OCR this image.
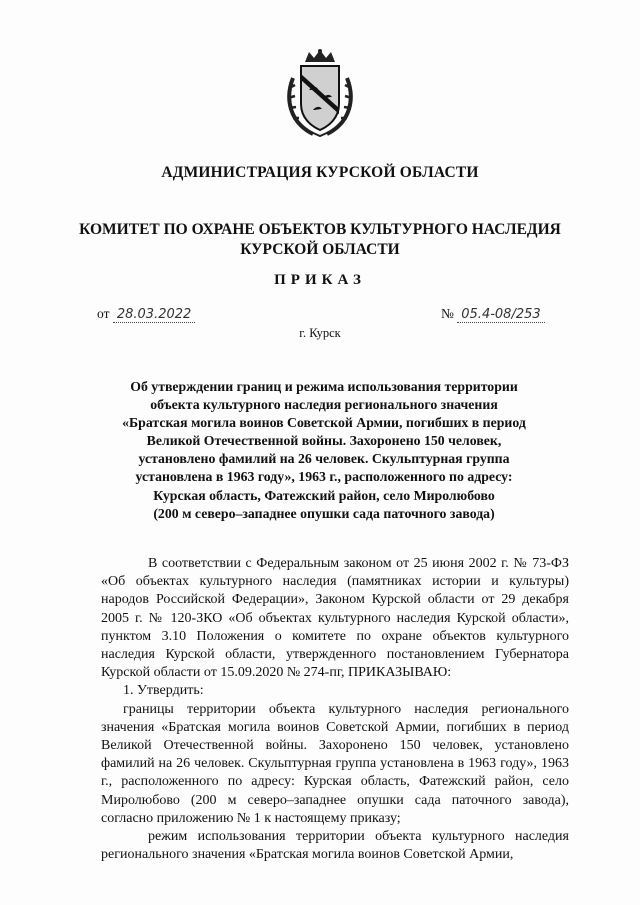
АДМИНИСТРАЦИЯ КУРСКОЙ ОБЛАСТИ
КОМИТЕТ ПО ОХРАНЕ ОБЪЕКТОВ КУЛЬТУРНОГО НАСЛЕДИЯ
КУРСКОЙ ОБЛАСТИ
ПРИКАЗ
от 28.03.2022	№ 05.4-08/253
г. Курск
Об утверждении границ и режима использования территории
объекта культурного наследия регионального значения
«Братская могила воинов Советской Армии, погибших в период
Великой Отечественной войны. Захоронено 150 человек,
установлено фамилий на 26 человек. Скульптурная группа
установлена в 1963 году», 1963 г., расположенного по адресу:
Курская область, Фатежский район, село Миролюбово
(200 м северо–западнее опушки сада паточного завода)

В соответствии с Федеральным законом от 25 июня 2002 г. № 73-ФЗ «Об объектах культурного наследия (памятниках истории и культуры) народов Российской Федерации», Законом Курской области от 29 декабря 2005 г. № 120-ЗКО «Об объектах культурного наследия Курской области», пунктом 3.10 Положения о комитете по охране объектов культурного наследия Курской области, утвержденного постановлением Губернатора Курской области от 15.09.2020 № 274-пг, ПРИКАЗЫВАЮ:

1. Утвердить:

границы территории объекта культурного наследия регионального значения «Братская могила воинов Советской Армии, погибших в период Великой Отечественной войны. Захоронено 150 человек, установлено фамилий на 26 человек. Скульптурная группа установлена в 1963 году», 1963 г., расположенного по адресу: Курская область, Фатежский район, село Миролюбово (200 м северо–западнее опушки сада паточного завода), согласно приложению № 1 к настоящему приказу;

режим использования территории объекта культурного наследия регионального значения «Братская могила воинов Советской Армии,
